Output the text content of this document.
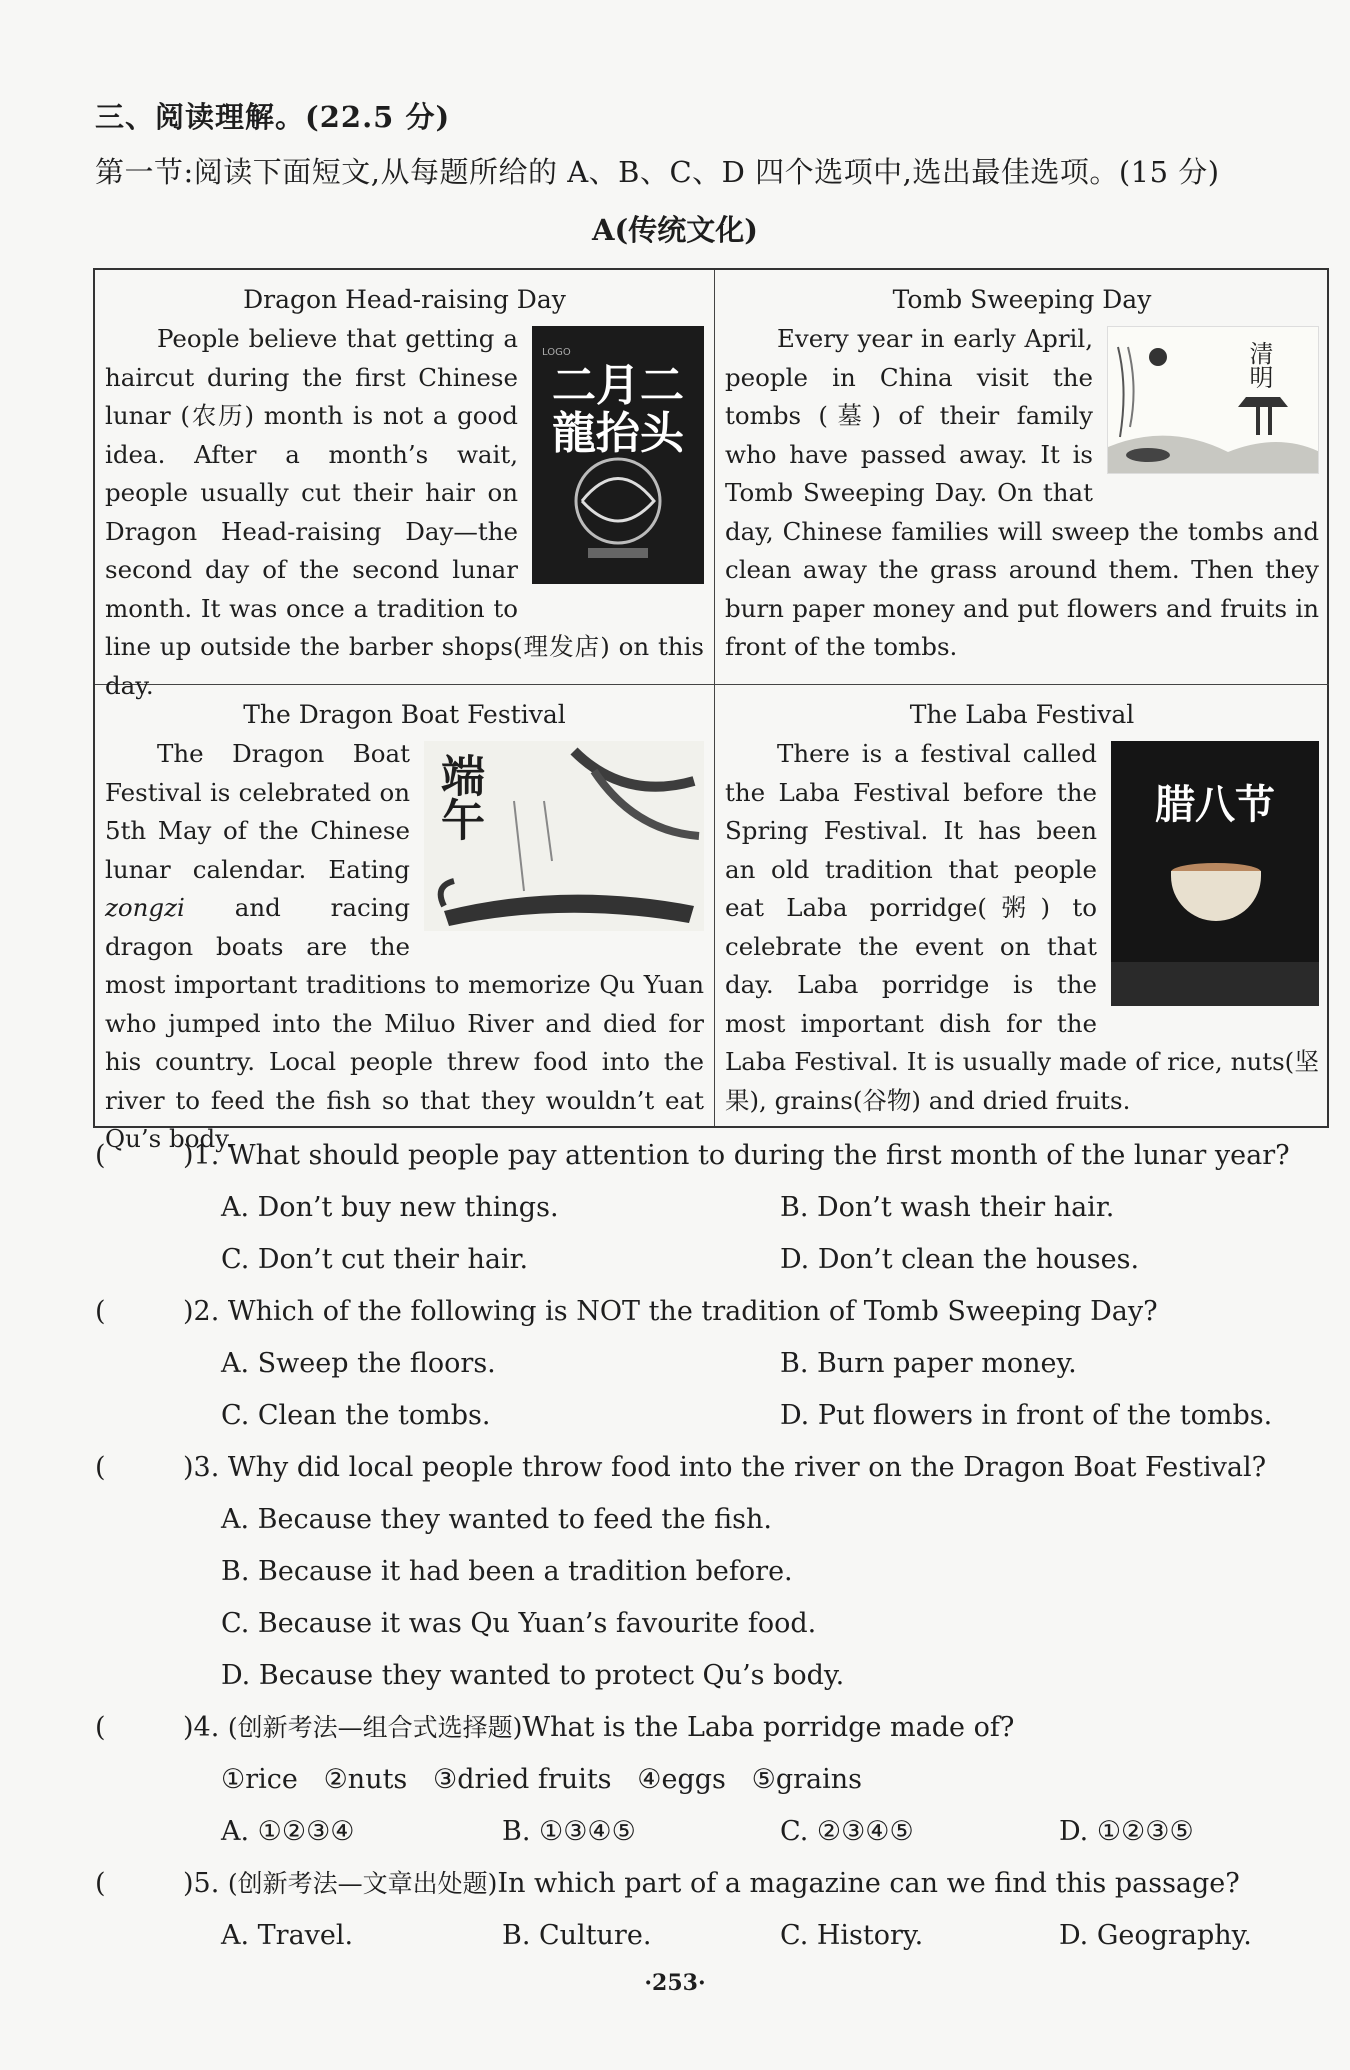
三、阅读理解。(22.5 分)
第一节:阅读下面短文,从每题所给的 A、B、C、D 四个选项中,选出最佳选项。(15 分)
A(传统文化)
Dragon Head-raising Day
LOGO
二月二龍抬头

People believe that getting a haircut during the first Chinese lunar (农历) month is not a good idea. After a month’s wait, people usually cut their hair on Dragon Head-raising Day—the second day of the second lunar month. It was once a tradition to line up outside the barber shops(理发店) on this day.

Tomb Sweeping Day
清明

Every year in early April, people in China visit the tombs (墓) of their family who have passed away. It is Tomb Sweeping Day. On that day, Chinese families will sweep the tombs and clean away the grass around them. Then they burn paper money and put flowers and fruits in front of the tombs.

The Dragon Boat Festival
端午

The Dragon Boat Festival is celebrated on 5th May of the Chinese lunar calendar. Eating zongzi and racing dragon boats are the most important traditions to memorize Qu Yuan who jumped into the Miluo River and died for his country. Local people threw food into the river to feed the fish so that they wouldn’t eat Qu’s body.

The Laba Festival
腊八节

There is a festival called the Laba Festival before the Spring Festival. It has been an old tradition that people eat Laba porridge(粥) to celebrate the event on that day. Laba porridge is the most important dish for the Laba Festival. It is usually made of rice, nuts(坚果), grains(谷物) and dried fruits.

(	)1. What should people pay attention to during the first month of the lunar year?
A. Don’t buy new things.	B. Don’t wash their hair.
C. Don’t cut their hair.	D. Don’t clean the houses.
(	)2. Which of the following is NOT the tradition of Tomb Sweeping Day?
A. Sweep the floors.	B. Burn paper money.
C. Clean the tombs.	D. Put flowers in front of the tombs.
(	)3. Why did local people throw food into the river on the Dragon Boat Festival?
A. Because they wanted to feed the fish.
B. Because it had been a tradition before.
C. Because it was Qu Yuan’s favourite food.
D. Because they wanted to protect Qu’s body.
(	)4. (创新考法—组合式选择题)What is the Laba porridge made of?
①rice   ②nuts   ③dried fruits   ④eggs   ⑤grains
A. ①②③④	B. ①③④⑤	C. ②③④⑤	D. ①②③⑤
(	)5. (创新考法—文章出处题)In which part of a magazine can we find this passage?
A. Travel.	B. Culture.	C. History.	D. Geography.
·253·
